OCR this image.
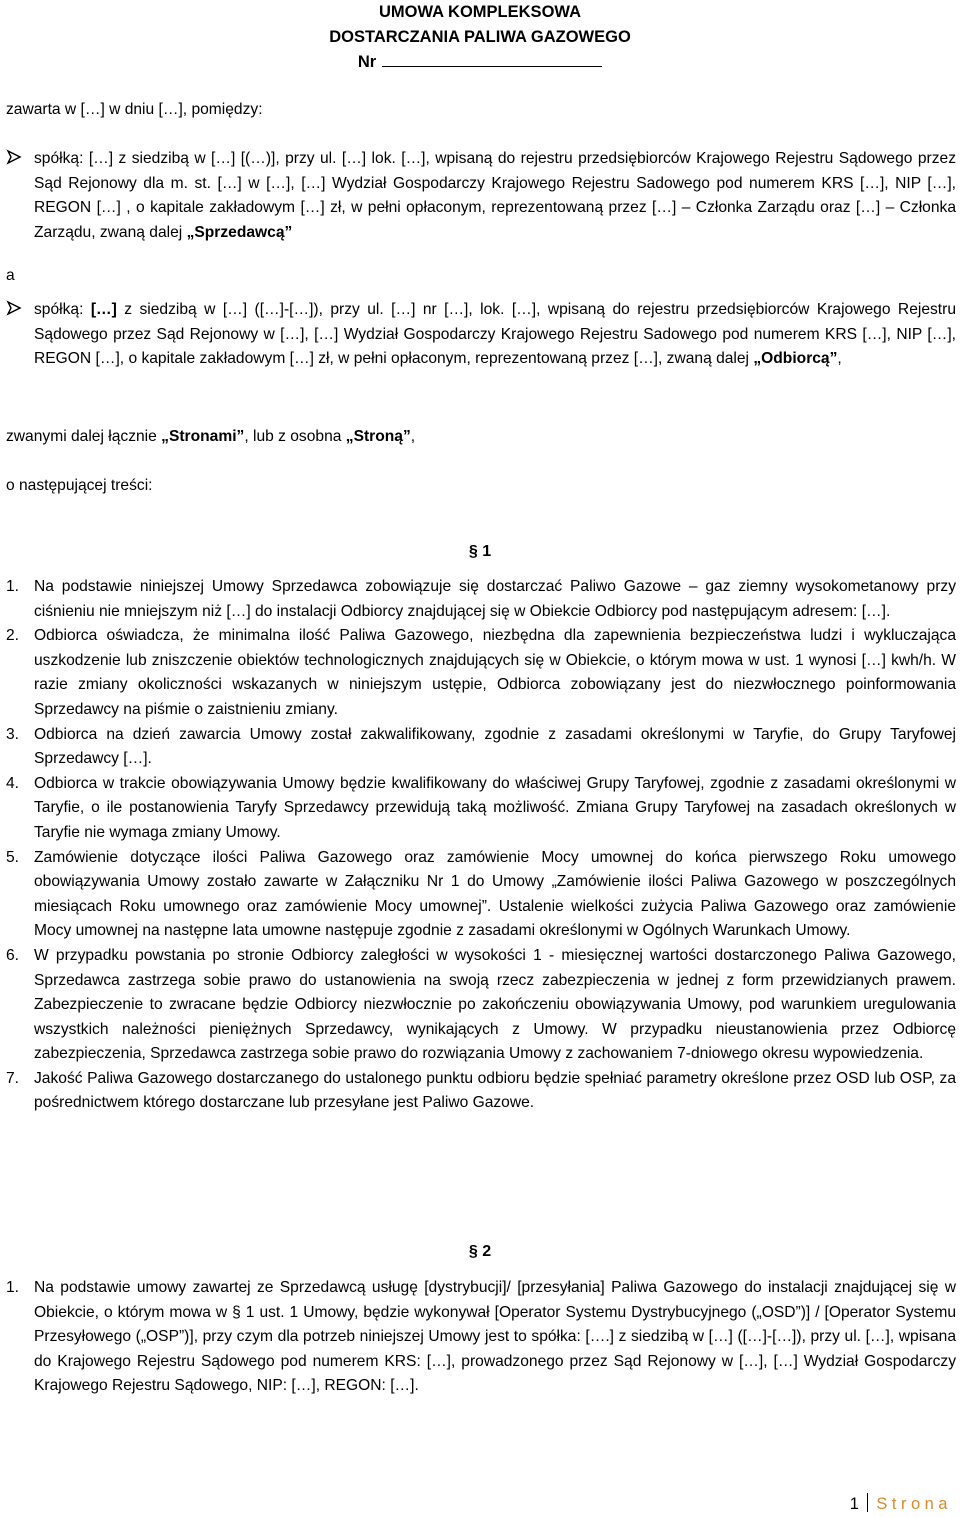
UMOWA KOMPLEKSOWA
DOSTARCZANIA PALIWA GAZOWEGO
Nr
zawarta w […] w dniu […], pomiędzy:
spółką: […] z siedzibą w […] [(…)], przy ul. […] lok. […], wpisaną do rejestru przedsiębiorców Krajowego Rejestru Sądowego przez Sąd Rejonowy dla m. st. […] w […], […] Wydział Gospodarczy Krajowego Rejestru Sadowego pod numerem KRS […], NIP […], REGON […] , o kapitale zakładowym […] zł, w pełni opłaconym, reprezentowaną przez […] – Członka Zarządu oraz […] – Członka Zarządu, zwaną dalej „Sprzedawcą”
a
spółką: […] z siedzibą w […] ([…]-[…]), przy ul. […] nr […], lok. […], wpisaną do rejestru przedsiębiorców Krajowego Rejestru Sądowego przez Sąd Rejonowy w […], […] Wydział Gospodarczy Krajowego Rejestru Sadowego pod numerem KRS […], NIP […], REGON […], o kapitale zakładowym […] zł, w pełni opłaconym, reprezentowaną przez […], zwaną dalej „Odbiorcą”,
zwanymi dalej łącznie „Stronami”, lub z osobna „Stroną”,
o następującej treści:
§ 1
1. Na podstawie niniejszej Umowy Sprzedawca zobowiązuje się dostarczać Paliwo Gazowe – gaz ziemny wysokometanowy przy ciśnieniu nie mniejszym niż […] do instalacji Odbiorcy znajdującej się w Obiekcie Odbiorcy pod następującym adresem: […].
2. Odbiorca oświadcza, że minimalna ilość Paliwa Gazowego, niezbędna dla zapewnienia bezpieczeństwa ludzi i wykluczająca uszkodzenie lub zniszczenie obiektów technologicznych znajdujących się w Obiekcie, o którym mowa w ust. 1 wynosi […] kwh/h. W razie zmiany okoliczności wskazanych w niniejszym ustępie, Odbiorca zobowiązany jest do niezwłocznego poinformowania Sprzedawcy na piśmie o zaistnieniu zmiany.
3. Odbiorca na dzień zawarcia Umowy został zakwalifikowany, zgodnie z zasadami określonymi w Taryfie, do Grupy Taryfowej Sprzedawcy […].
4. Odbiorca w trakcie obowiązywania Umowy będzie kwalifikowany do właściwej Grupy Taryfowej, zgodnie z zasadami określonymi w Taryfie, o ile postanowienia Taryfy Sprzedawcy przewidują taką możliwość. Zmiana Grupy Taryfowej na zasadach określonych w Taryfie nie wymaga zmiany Umowy.
5. Zamówienie dotyczące ilości Paliwa Gazowego oraz zamówienie Mocy umownej do końca pierwszego Roku umowego obowiązywania Umowy zostało zawarte w Załączniku Nr 1 do Umowy „Zamówienie ilości Paliwa Gazowego w poszczególnych miesiącach Roku umownego oraz zamówienie Mocy umownej”. Ustalenie wielkości zużycia Paliwa Gazowego oraz zamówienie Mocy umownej na następne lata umowne następuje zgodnie z zasadami określonymi w Ogólnych Warunkach Umowy.
6. W przypadku powstania po stronie Odbiorcy zaległości w wysokości 1 - miesięcznej wartości dostarczonego Paliwa Gazowego, Sprzedawca zastrzega sobie prawo do ustanowienia na swoją rzecz zabezpieczenia w jednej z form przewidzianych prawem. Zabezpieczenie to zwracane będzie Odbiorcy niezwłocznie po zakończeniu obowiązywania Umowy, pod warunkiem uregulowania wszystkich należności pieniężnych Sprzedawcy, wynikających z Umowy. W przypadku nieustanowienia przez Odbiorcę zabezpieczenia, Sprzedawca zastrzega sobie prawo do rozwiązania Umowy z zachowaniem 7-dniowego okresu wypowiedzenia.
7. Jakość Paliwa Gazowego dostarczanego do ustalonego punktu odbioru będzie spełniać parametry określone przez OSD lub OSP, za pośrednictwem którego dostarczane lub przesyłane jest Paliwo Gazowe.
§ 2
1. Na podstawie umowy zawartej ze Sprzedawcą usługę [dystrybucji]/ [przesyłania] Paliwa Gazowego do instalacji znajdującej się w Obiekcie, o którym mowa w § 1 ust. 1 Umowy, będzie wykonywał [Operator Systemu Dystrybucyjnego („OSD”)] / [Operator Systemu Przesyłowego („OSP”)], przy czym dla potrzeb niniejszej Umowy jest to spółka: [….] z siedzibą w […] ([…]-[…]), przy ul. […], wpisana do Krajowego Rejestru Sądowego pod numerem KRS: […], prowadzonego przez Sąd Rejonowy w […], […] Wydział Gospodarczy Krajowego Rejestru Sądowego, NIP: […], REGON: […].
1 Strona
